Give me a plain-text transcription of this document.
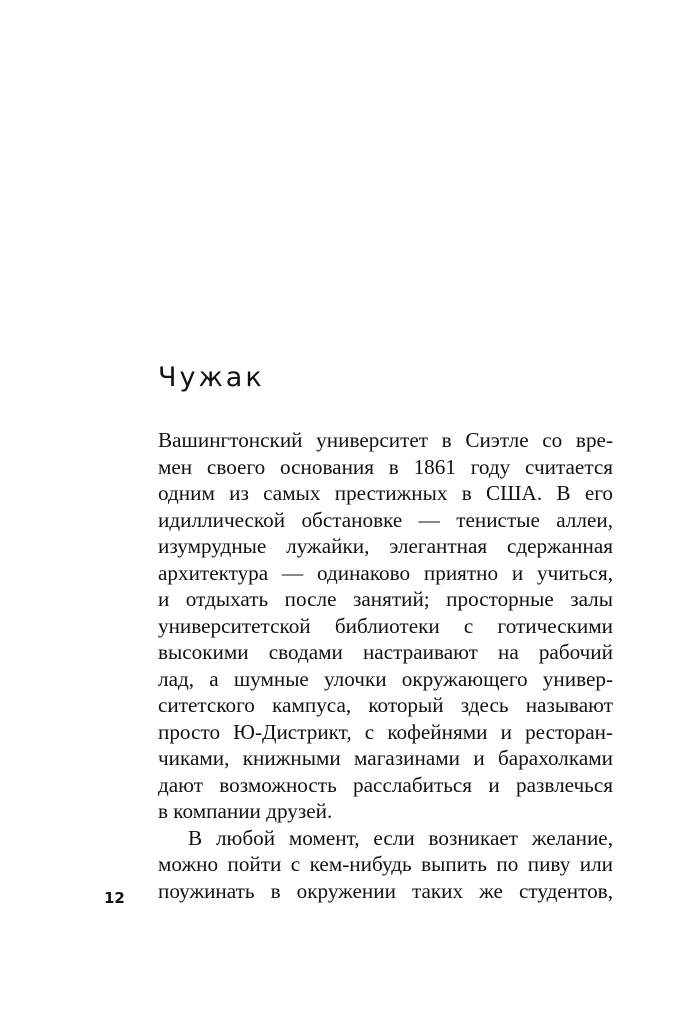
Чужак
Вашингтонский университет в Сиэтле со вре-
мен своего основания в 1861 году считается
одним из самых престижных в США. В его
идиллической обстановке — тенистые аллеи,
изумрудные лужайки, элегантная сдержанная
архитектура — одинаково приятно и учиться,
и отдыхать после занятий; просторные залы
университетской библиотеки с готическими
высокими сводами настраивают на рабочий
лад, а шумные улочки окружающего универ-
ситетского кампуса, который здесь называют
просто Ю-Дистрикт, с кофейнями и ресторан-
чиками, книжными магазинами и барахолками
дают возможность расслабиться и развлечься
в компании друзей.
В любой момент, если возникает желание,
можно пойти с кем-нибудь выпить по пиву или
поужинать в окружении таких же студентов,
12
